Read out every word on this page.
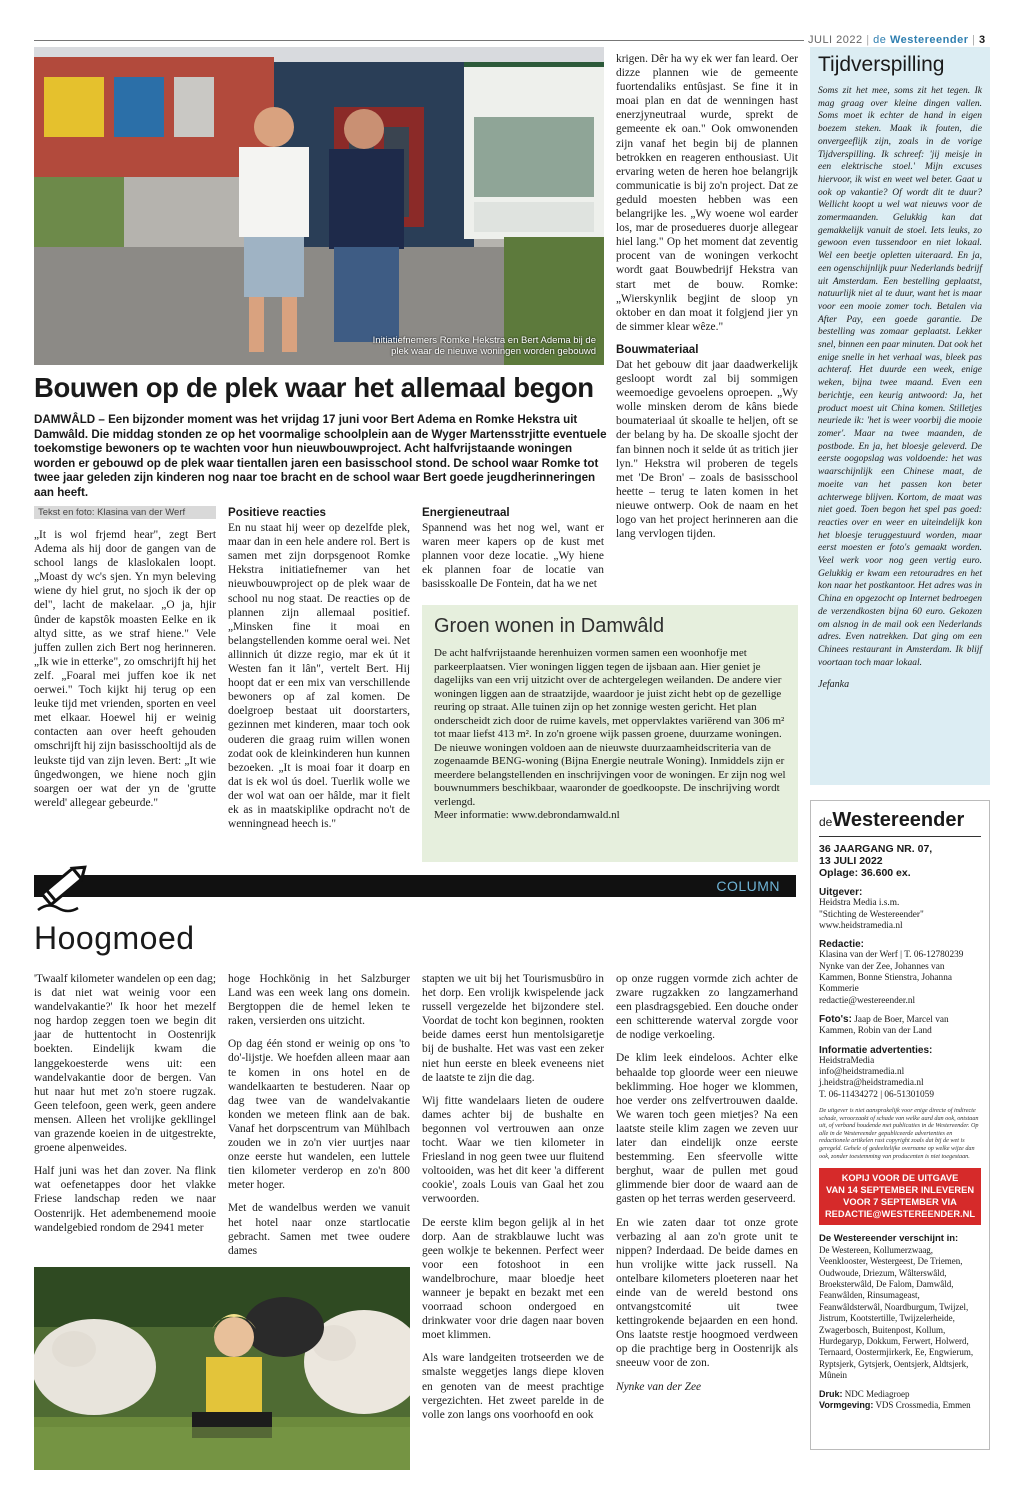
JULI 2022 | de Westereender | 3
Initiatiefnemers Romke Hekstra en Bert Adema bij de
plek waar de nieuwe woningen worden gebouwd
Bouwen op de plek waar het allemaal begon
DAMWÂLD – Een bijzonder moment was het vrijdag 17 juni voor Bert Adema en Romke Hekstra uit Damwâld. Die middag stonden ze op het voormalige schoolplein aan de Wyger Martensstrjitte eventuele toekomstige bewoners op te wachten voor hun nieuwbouwproject. Acht halfvrijstaande woningen worden er gebouwd op de plek waar tientallen jaren een basisschool stond. De school waar Romke tot twee jaar geleden zijn kinderen nog naar toe bracht en de school waar Bert goede jeugdherinneringen aan heeft.
Tekst en foto: Klasina van der Werf

„It is wol frjemd hear", zegt Bert Adema als hij door de gangen van de school langs de klaslokalen loopt. „Moast dy wc's sjen. Yn myn beleving wiene dy hiel grut, no sjoch ik der op del", lacht de makelaar. „O ja, hjir ûnder de kapstôk moasten Eelke en ik altyd sitte, as we straf hiene." Vele juffen zullen zich Bert nog herinneren. „Ik wie in etterke", zo omschrijft hij het zelf. „Foaral mei juffen koe ik net oerwei." Toch kijkt hij terug op een leuke tijd met vrienden, sporten en veel met elkaar. Hoewel hij er weinig contacten aan over heeft gehouden omschrijft hij zijn basisschooltijd als de leukste tijd van zijn leven. Bert: „It wie ûngedwongen, we hiene noch gjin soargen oer wat der yn de 'grutte wereld' allegear gebeurde."

Positieve reacties

En nu staat hij weer op dezelfde plek, maar dan in een hele andere rol. Bert is samen met zijn dorpsgenoot Romke Hekstra initiatiefnemer van het nieuwbouwproject op de plek waar de school nu nog staat. De reacties op de plannen zijn allemaal positief. „Minsken fine it moai en belangstellenden komme oeral wei. Net allinnich út dizze regio, mar ek út it Westen fan it lân", vertelt Bert. Hij hoopt dat er een mix van verschillende bewoners op af zal komen. De doelgroep bestaat uit doorstarters, gezinnen met kinderen, maar toch ook ouderen die graag ruim willen wonen zodat ook de kleinkinderen hun kunnen bezoeken. „It is moai foar it doarp en dat is ek wol ús doel. Tuerlik wolle we der wol wat oan oer hâlde, mar it fielt ek as in maatskiplike opdracht no't de wenningnead heech is."

Energieneutraal

Spannend was het nog wel, want er waren meer kapers op de kust met plannen voor deze locatie. „Wy hiene ek plannen foar de locatie van basisskoalle De Fontein, dat ha we net

krigen. Dêr ha wy ek wer fan leard. Oer dizze plannen wie de gemeente fuortendaliks entûsjast. Se fine it in moai plan en dat de wenningen hast enerzjyneutraal wurde, sprekt de gemeente ek oan." Ook omwonenden zijn vanaf het begin bij de plannen betrokken en reageren enthousiast. Uit ervaring weten de heren hoe belangrijk communicatie is bij zo'n project. Dat ze geduld moesten hebben was een belangrijke les. „Wy woene wol earder los, mar de prosedueres duorje allegear hiel lang." Op het moment dat zeventig procent van de woningen verkocht wordt gaat Bouwbedrijf Hekstra van start met de bouw. Romke: „Wierskynlik begjint de sloop yn oktober en dan moat it folgjend jier yn de simmer klear wêze."

Bouwmateriaal

Dat het gebouw dit jaar daadwerkelijk gesloopt wordt zal bij sommigen weemoedige gevoelens oproepen. „Wy wolle minsken derom de kâns biede boumateriaal út skoalle te heljen, oft se der belang by ha. De skoalle sjocht der fan binnen noch it selde út as tritich jier lyn." Hekstra wil proberen de tegels met 'De Bron' – zoals de basisschool heette – terug te laten komen in het nieuwe ontwerp. Ook de naam en het logo van het project herinneren aan die lang vervlogen tijden.

Groen wonen in Damwâld
De acht halfvrijstaande herenhuizen vormen samen een woonhofje met parkeerplaatsen. Vier woningen liggen tegen de ijsbaan aan. Hier geniet je dagelijks van een vrij uitzicht over de achtergelegen weilanden. De andere vier woningen liggen aan de straatzijde, waardoor je juist zicht hebt op de gezellige reuring op straat. Alle tuinen zijn op het zonnige westen gericht. Het plan onderscheidt zich door de ruime kavels, met oppervlaktes variërend van 306 m² tot maar liefst 413 m². In zo'n groene wijk passen groene, duurzame woningen. De nieuwe woningen voldoen aan de nieuwste duurzaamheidscriteria van de zogenaamde BENG-woning (Bijna Energie neutrale Woning). Inmiddels zijn er meerdere belangstellenden en inschrijvingen voor de woningen. Er zijn nog wel bouwnummers beschikbaar, waaronder de goedkoopste. De inschrijving wordt verlengd.
Meer informatie: www.debrondamwald.nl
Tijdverspilling
Soms zit het mee, soms zit het tegen. Ik mag graag over kleine dingen vallen. Soms moet ik echter de hand in eigen boezem steken. Maak ik fouten, die onvergeeflijk zijn, zoals in de vorige Tijdverspilling. Ik schreef: 'jij meisje in een elektrische stoel.' Mijn excuses hiervoor, ik wist en weet wel beter. Gaat u ook op vakantie? Of wordt dit te duur? Wellicht koopt u wel wat nieuws voor de zomermaanden. Gelukkig kan dat gemakkelijk vanuit de stoel. Iets leuks, zo gewoon even tussendoor en niet lokaal. Wel een beetje opletten uiteraard. En ja, een ogenschijnlijk puur Nederlands bedrijf uit Amsterdam. Een bestelling geplaatst, natuurlijk niet al te duur, want het is maar voor een mooie zomer toch. Betalen via After Pay, een goede garantie. De bestelling was zomaar geplaatst. Lekker snel, binnen een paar minuten. Dat ook het enige snelle in het verhaal was, bleek pas achteraf. Het duurde een week, enige weken, bijna twee maand. Even een berichtje, een keurig antwoord: Ja, het product moest uit China komen. Stilletjes neuriede ik: 'het is weer voorbij die mooie zomer'. Maar na twee maanden, de postbode. En ja, het bloesje geleverd. De eerste oogopslag was voldoende: het was waarschijnlijk een Chinese maat, de moeite van het passen kon beter achterwege blijven. Kortom, de maat was niet goed. Toen begon het spel pas goed: reacties over en weer en uiteindelijk kon het bloesje teruggestuurd worden, maar eerst moesten er foto's gemaakt worden. Veel werk voor nog geen vertig euro. Gelukkig er kwam een retouradres en het kon naar het postkantoor. Het adres was in China en opgezocht op Internet bedroegen de verzendkosten bijna 60 euro. Gekozen om alsnog in de mail ook een Nederlands adres. Even natrekken. Dat ging om een Chinees restaurant in Amsterdam. Ik blijf voortaan toch maar lokaal.
Jefanka
deWestereender
36 JAARGANG NR. 07,
13 JULI 2022
Oplage: 36.600 ex.
Uitgever:
Heidstra Media i.s.m.
"Stichting de Westereender"
www.heidstramedia.nl
Redactie:
Klasina van der Werf | T. 06-12780239
Nynke van der Zee, Johannes van Kammen, Bonne Stienstra, Johanna Kommerie
redactie@westereender.nl
Foto's: Jaap de Boer, Marcel van Kammen, Robin van der Land
Informatie advertenties:
HeidstraMedia
info@heidstramedia.nl
j.heidstra@heidstramedia.nl
T. 06-11434272 | 06-51301059
De uitgever is niet aansprakelijk voor enige directe of indirecte schade, veroorzaakt of schade van welke aard dan ook, ontstaan uit, of verband houdende met publicaties in de Westereender. Op alle in de Westereender gepubliceerde advertenties en redactionele artikelen rust copyright zoals dat bij de wet is geregeld. Gehele of gedeeltelijke overname op welke wijze dan ook, zonder toestemming van producenten is niet toegestaan.
KOPIJ VOOR DE UITGAVE
VAN 14 SEPTEMBER INLEVEREN
VOOR 7 SEPTEMBER VIA
REDACTIE@WESTEREENDER.NL
De Westereender verschijnt in:
De Westereen, Kollumerzwaag, Veenklooster, Westergeest, De Triemen, Oudwoude, Driezum, Wâlterswâld, Broeksterwâld, De Falom, Damwâld, Feanwâlden, Rinsumageast, Feanwâldsterwâl, Noardburgum, Twijzel, Jistrum, Kootstertille, Twijzelerheide, Zwagerbosch, Buitenpost, Kollum, Hurdegaryp, Dokkum, Ferwert, Holwerd, Ternaard, Oostermjirkerk, Ee, Engwierum, Ryptsjerk, Gytsjerk, Oentsjerk, Aldtsjerk, Mûnein
Druk: NDC Mediagroep
Vormgeving: VDS Crossmedia, Emmen
COLUMN
Hoogmoed

'Twaalf kilometer wandelen op een dag; is dat niet wat weinig voor een wandelvakantie?' Ik hoor het mezelf nog hardop zeggen toen we begin dit jaar de huttentocht in Oostenrijk boekten. Eindelijk kwam die langgekoesterde wens uit: een wandelvakantie door de bergen. Van hut naar hut met zo'n stoere rugzak. Geen telefoon, geen werk, geen andere mensen. Alleen het vrolijke gekllingel van grazende koeien in de uitgestrekte, groene alpenweides.

Half juni was het dan zover. Na flink wat oefenetappes door het vlakke Friese landschap reden we naar Oostenrijk. Het adembenemend mooie wandelgebied rondom de 2941 meter

hoge Hochkönig in het Salzburger Land was een week lang ons domein. Bergtoppen die de hemel leken te raken, versierden ons uitzicht.

Op dag één stond er weinig op ons 'to do'-lijstje. We hoefden alleen maar aan te komen in ons hotel en de wandelkaarten te bestuderen. Naar op dag twee van de wandelvakantie konden we meteen flink aan de bak. Vanaf het dorpscentrum van Mühlbach zouden we in zo'n vier uurtjes naar onze eerste hut wandelen, een luttele tien kilometer verderop en zo'n 800 meter hoger.

Met de wandelbus werden we vanuit het hotel naar onze startlocatie gebracht. Samen met twee oudere dames

stapten we uit bij het Tourismusbüro in het dorp. Een vrolijk kwispelende jack russell vergezelde het bijzondere stel. Voordat de tocht kon beginnen, rookten beide dames eerst hun mentolsigaretje bij de bushalte. Het was vast een zeker niet hun eerste en bleek eveneens niet de laatste te zijn die dag.

Wij fitte wandelaars lieten de oudere dames achter bij de bushalte en begonnen vol vertrouwen aan onze tocht. Waar we tien kilometer in Friesland in nog geen twee uur fluitend voltooiden, was het dit keer 'a different cookie', zoals Louis van Gaal het zou verwoorden.

De eerste klim begon gelijk al in het dorp. Aan de strakblauwe lucht was geen wolkje te bekennen. Perfect weer voor een fotoshoot in een wandelbrochure, maar bloedje heet wanneer je bepakt en bezakt met een voorraad schoon ondergoed en drinkwater voor drie dagen naar boven moet klimmen.

Als ware landgeiten trotseerden we de smalste weggetjes langs diepe kloven en genoten van de meest prachtige vergezichten. Het zweet parelde in de volle zon langs ons voorhoofd en ook

op onze ruggen vormde zich achter de zware rugzakken zo langzamerhand een plasdragsgebied. Een douche onder een schitterende waterval zorgde voor de nodige verkoeling.

De klim leek eindeloos. Achter elke behaalde top gloorde weer een nieuwe beklimming. Hoe hoger we klommen, hoe verder ons zelfvertrouwen daalde. We waren toch geen mietjes? Na een laatste steile klim zagen we zeven uur later dan eindelijk onze eerste bestemming. Een sfeervolle witte berghut, waar de pullen met goud glimmende bier door de waard aan de gasten op het terras werden geserveerd.

En wie zaten daar tot onze grote verbazing al aan zo'n grote unit te nippen? Inderdaad. De beide dames en hun vrolijke witte jack russell. Na ontelbare kilometers ploeteren naar het einde van de wereld bestond ons ontvangstcomité uit twee kettingrokende bejaarden en een hond. Ons laatste restje hoogmoed verdween op die prachtige berg in Oostenrijk als sneeuw voor de zon.

Nynke van der Zee
